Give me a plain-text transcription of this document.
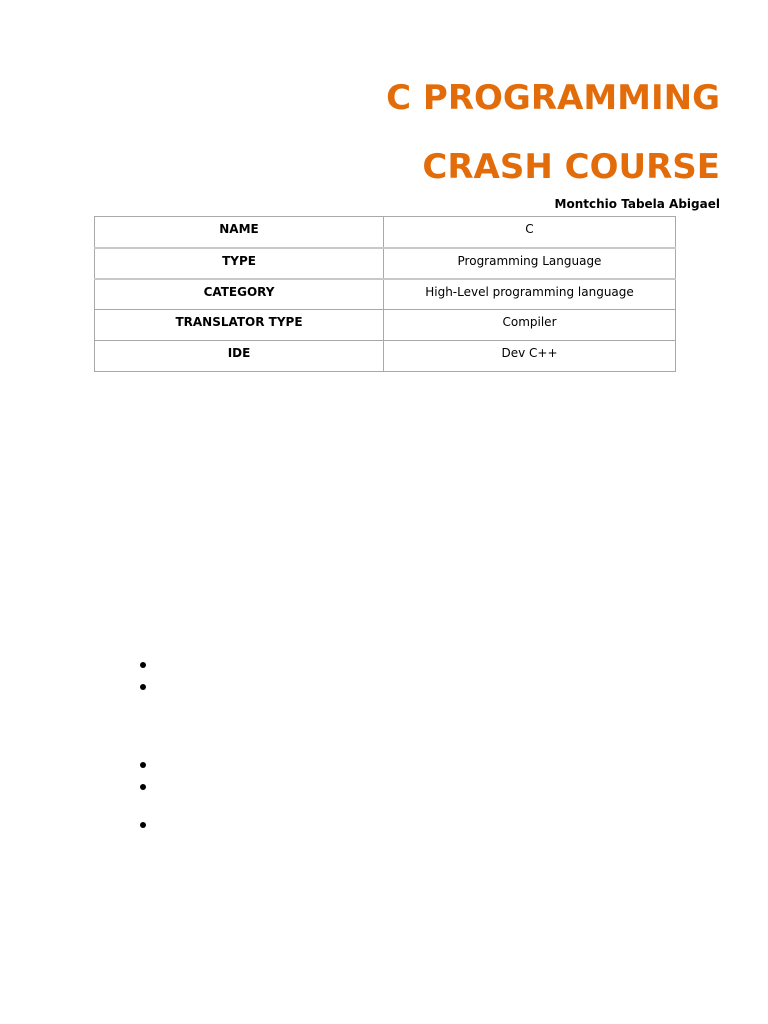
C PROGRAMMING
CRASH COURSE

Montchio Tabela Abigael

NAME	C
TYPE	Programming Language
CATEGORY	High-Level programming language
TRANSLATOR TYPE	Compiler
IDE	Dev C++
